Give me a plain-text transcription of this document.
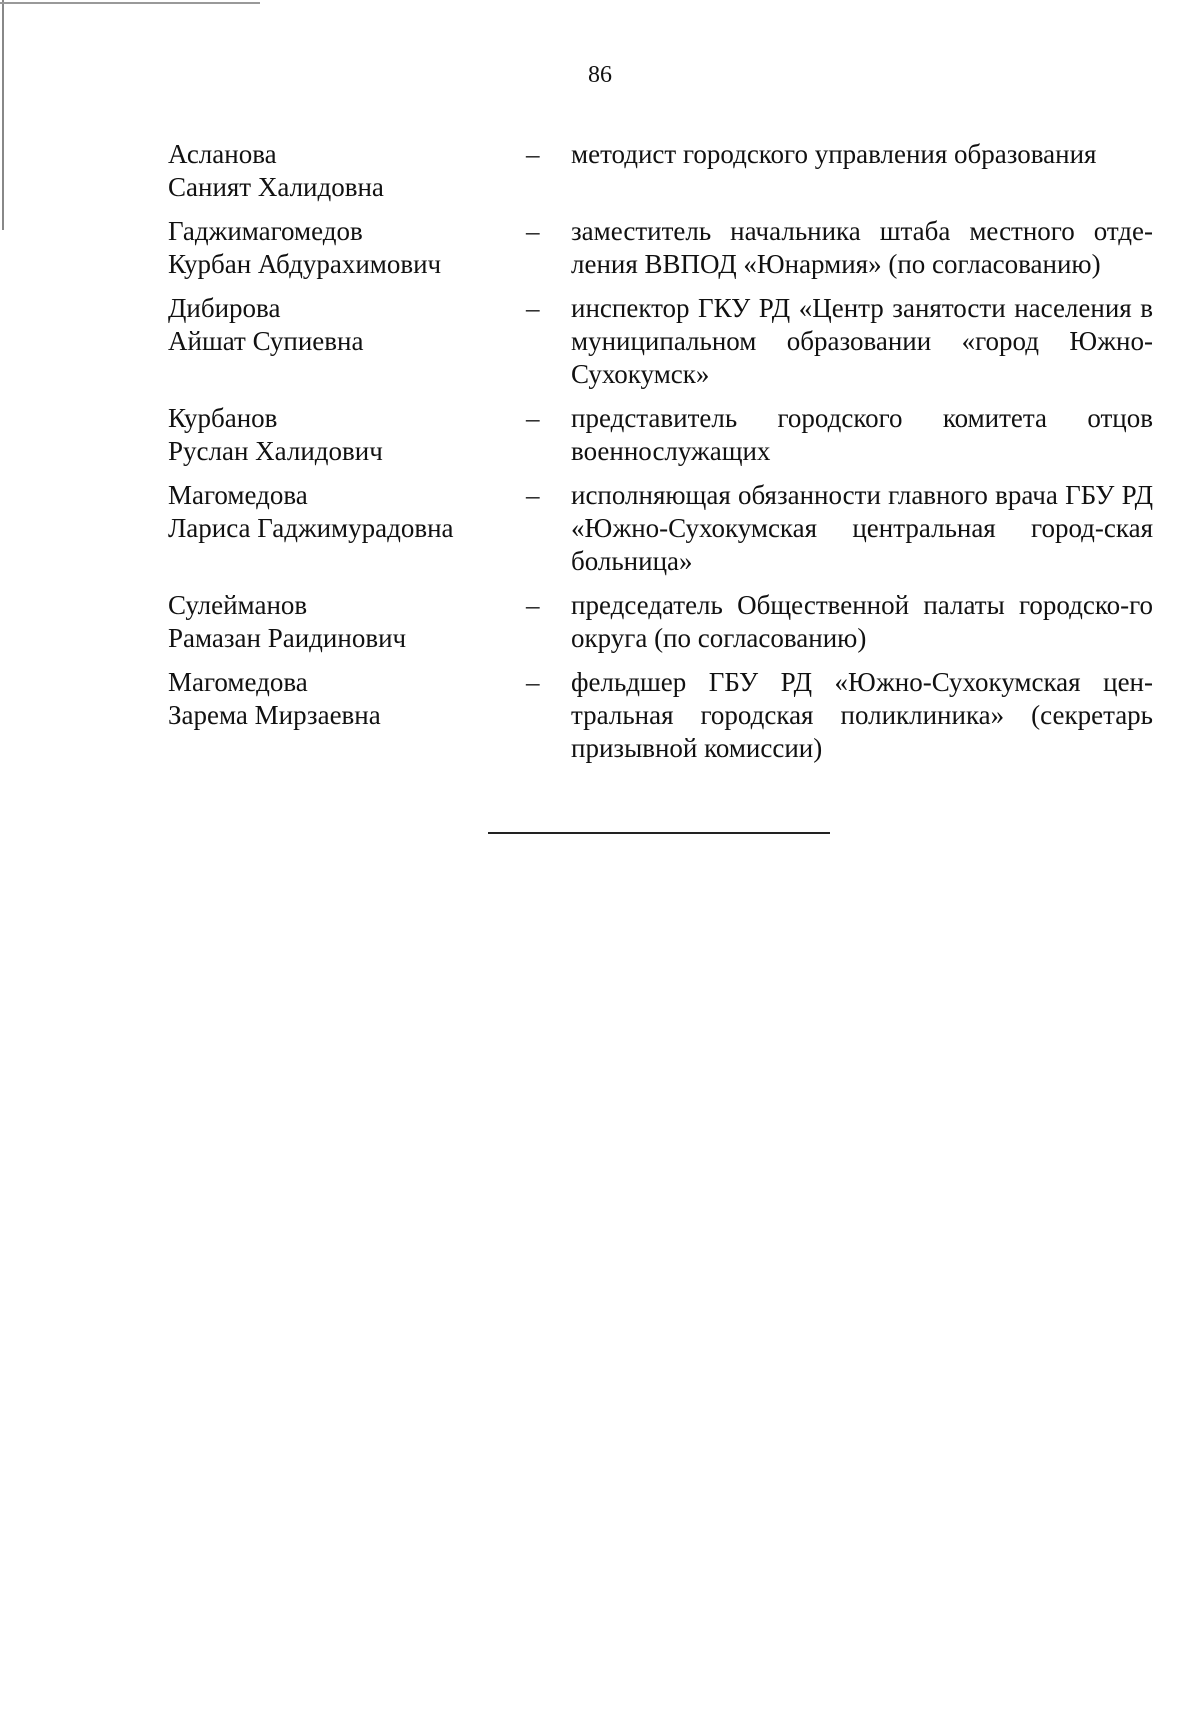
86
Асланова
Сaният Халидовна
–	методист городского управления образования
Гаджимагомедов
Курбан Абдурахимович
–	заместитель начальника штаба местного отде-ления ВВПОД «Юнармия» (по согласованию)
Дибирова
Айшат Супиевна
–	инспектор ГКУ РД «Центр занятости населения в муниципальном образовании «город Южно-Сухокумск»
Курбанов
Руслан Халидович
–	представитель городского комитета отцов военнослужащих
Магомедова
Лариса Гаджимурадовна
–	исполняющая обязанности главного врача ГБУ РД «Южно-Сухокумская центральная город-ская больница»
Сулейманов
Рамазан Раидинович
–	председатель Общественной палаты городско-го округа (по согласованию)
Магомедова
Зарема Мирзаевна
–	фельдшер ГБУ РД «Южно-Сухокумская цен-тральная городская поликлиника» (секретарь призывной комиссии)
